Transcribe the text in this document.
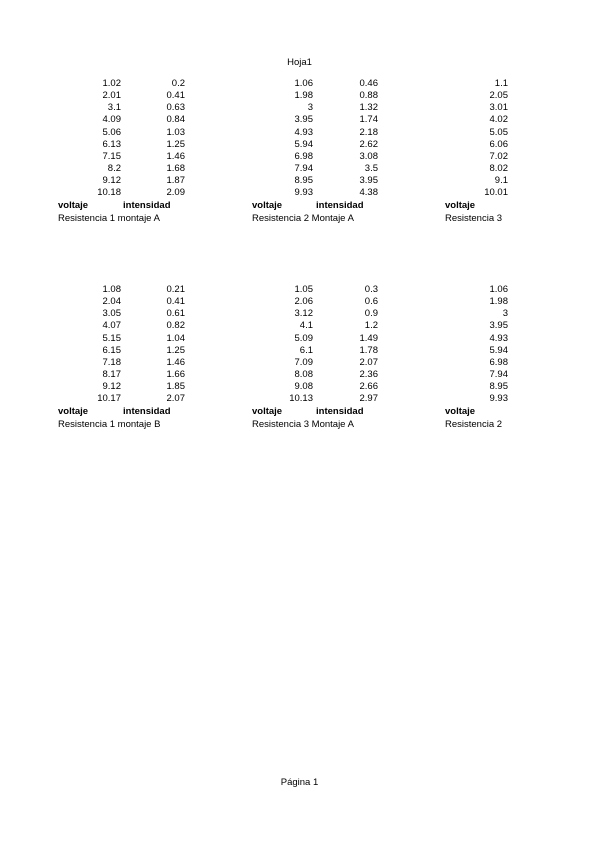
Hoja1
1.02	0.2
2.01	0.41
3.1	0.63
4.09	0.84
5.06	1.03
6.13	1.25
7.15	1.46
8.2	1.68
9.12	1.87
10.18	2.09
voltaje	intensidad
Resistencia 1 montaje A
1.06	0.46
1.98	0.88
3	1.32
3.95	1.74
4.93	2.18
5.94	2.62
6.98	3.08
7.94	3.5
8.95	3.95
9.93	4.38
voltaje	intensidad
Resistencia 2 Montaje A
1.1
2.05
3.01
4.02
5.05
6.06
7.02
8.02
9.1
10.01
voltaje
Resistencia 3
1.08	0.21
2.04	0.41
3.05	0.61
4.07	0.82
5.15	1.04
6.15	1.25
7.18	1.46
8.17	1.66
9.12	1.85
10.17	2.07
voltaje	intensidad
Resistencia 1 montaje B
1.05	0.3
2.06	0.6
3.12	0.9
4.1	1.2
5.09	1.49
6.1	1.78
7.09	2.07
8.08	2.36
9.08	2.66
10.13	2.97
voltaje	intensidad
Resistencia 3 Montaje A
1.06
1.98
3
3.95
4.93
5.94
6.98
7.94
8.95
9.93
voltaje
Resistencia 2
Página 1
